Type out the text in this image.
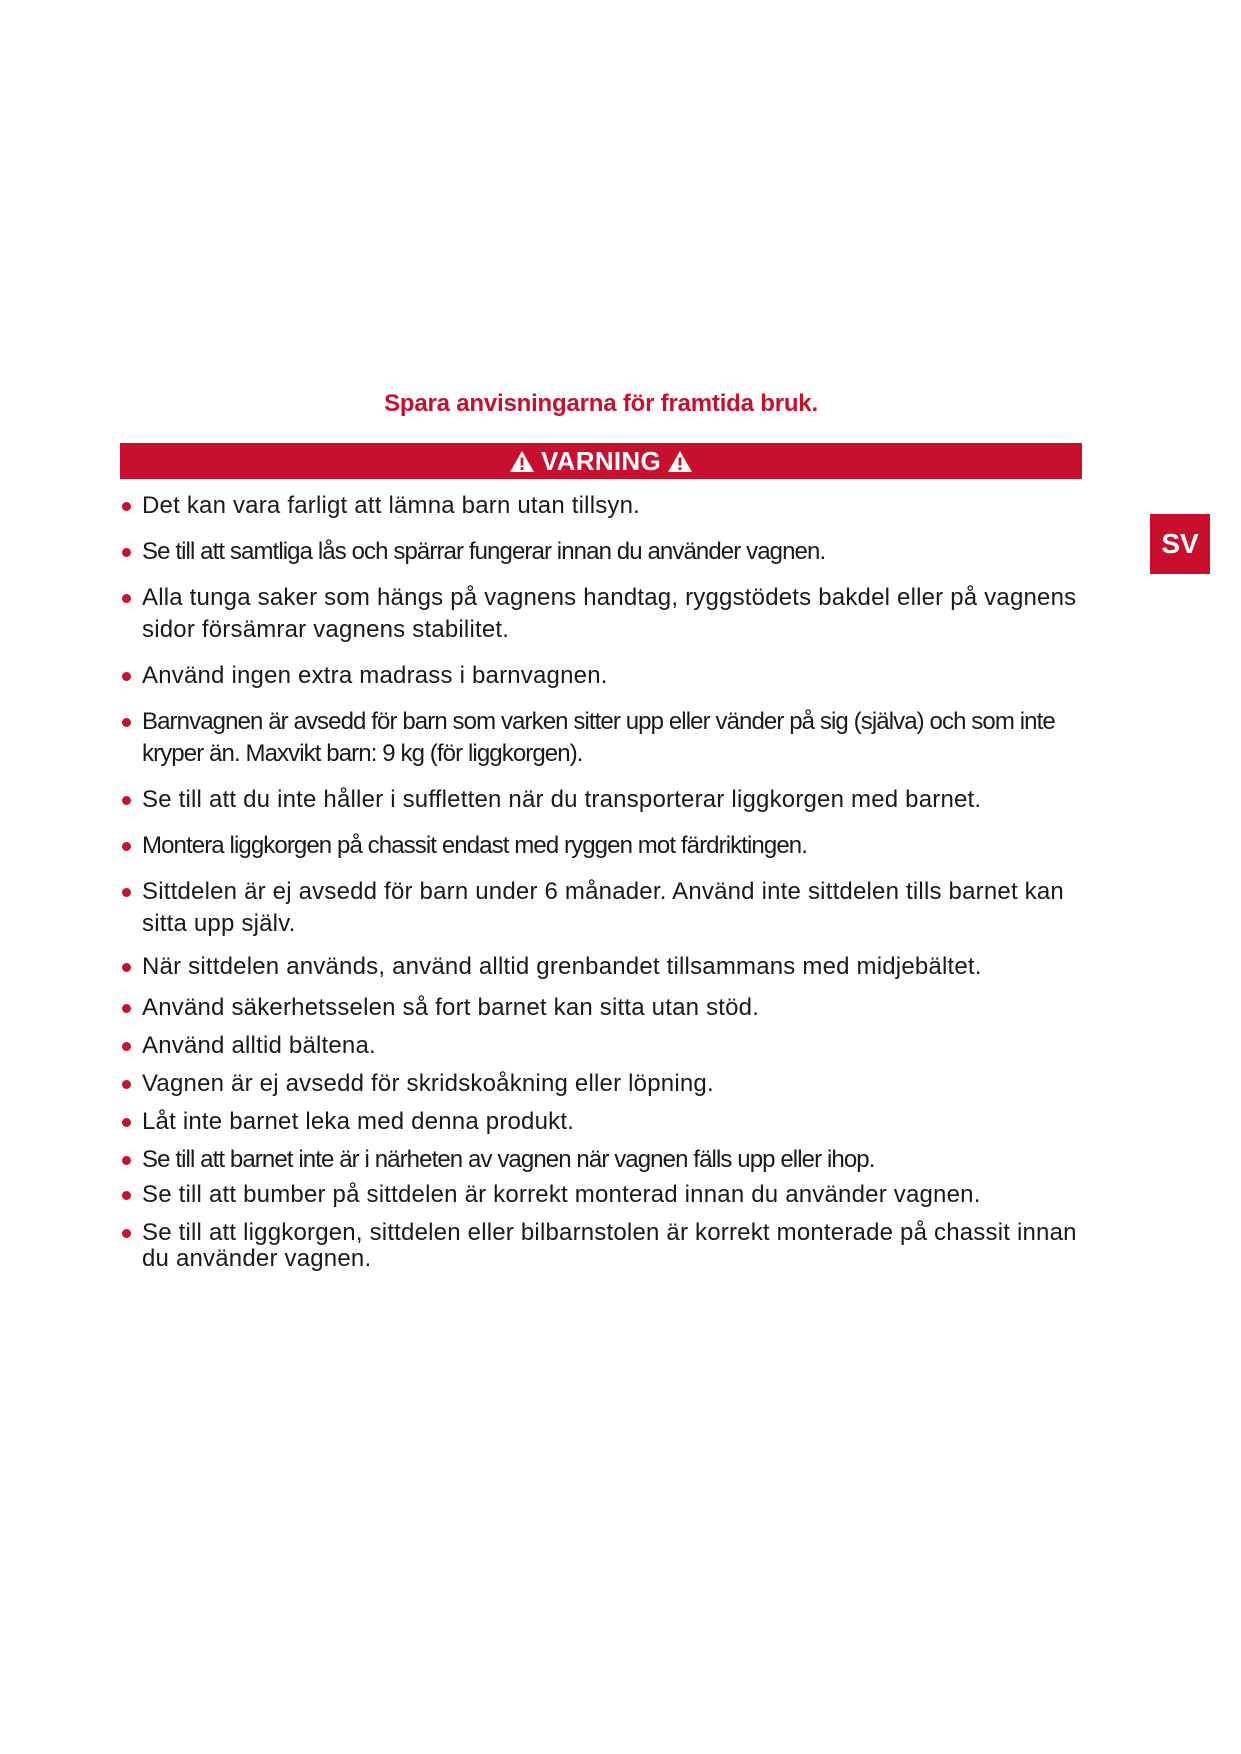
Spara anvisningarna för framtida bruk.
VARNING
SV
Det kan vara farligt att lämna barn utan tillsyn.
Se till att samtliga lås och spärrar fungerar innan du använder vagnen.
Alla tunga saker som hängs på vagnens handtag, ryggstödets bakdel eller på vagnens sidor försämrar vagnens stabilitet.
Använd ingen extra madrass i barnvagnen.
Barnvagnen är avsedd för barn som varken sitter upp eller vänder på sig (själva) och som inte kryper än. Maxvikt barn: 9 kg (för liggkorgen).
Se till att du inte håller i suffletten när du transporterar liggkorgen med barnet.
Montera liggkorgen på chassit endast med ryggen mot färdriktingen.
Sittdelen är ej avsedd för barn under 6 månader. Använd inte sittdelen tills barnet kan sitta upp själv.
När sittdelen används, använd alltid grenbandet tillsammans med midjebältet.
Använd säkerhetsselen så fort barnet kan sitta utan stöd.
Använd alltid bältena.
Vagnen är ej avsedd för skridskoåkning eller löpning.
Låt inte barnet leka med denna produkt.
Se till att barnet inte är i närheten av vagnen när vagnen fälls upp eller ihop.
Se till att bumber på sittdelen är korrekt monterad innan du använder vagnen.
Se till att liggkorgen, sittdelen eller bilbarnstolen är korrekt monterade på chassit innan du använder vagnen.
